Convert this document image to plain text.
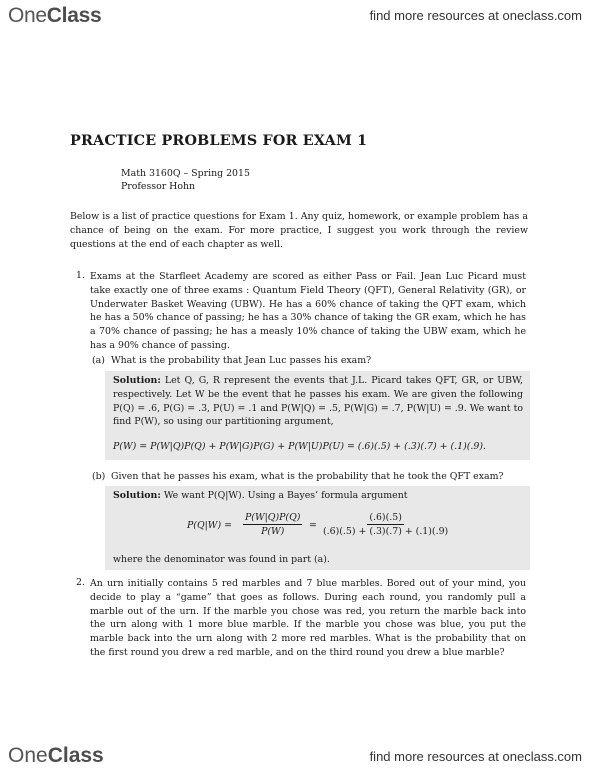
OneClass	find more resources at oneclass.com
PRACTICE PROBLEMS FOR EXAM 1
Math 3160Q – Spring 2015
Professor Hohn

Below is a list of practice questions for Exam 1. Any quiz, homework, or example problem has a chance of being on the exam. For more practice, I suggest you work through the review questions at the end of each chapter as well.

1. Exams at the Starfleet Academy are scored as either Pass or Fail. Jean Luc Picard must take exactly one of three exams : Quantum Field Theory (QFT), General Relativity (GR), or Underwater Basket Weaving (UBW). He has a 60% chance of taking the QFT exam, which he has a 50% chance of passing; he has a 30% chance of taking the GR exam, which he has a 70% chance of passing; he has a measly 10% chance of taking the UBW exam, which he has a 90% chance of passing.

(a) What is the probability that Jean Luc passes his exam?
Solution: Let Q, G, R represent the events that J.L. Picard takes QFT, GR, or UBW, respectively. Let W be the event that he passes his exam. We are given the following P(Q) = .6, P(G) = .3, P(U) = .1 and P(W|Q) = .5, P(W|G) = .7, P(W|U) = .9. We want to find P(W), so using our partitioning argument,
P(W) = P(W|Q)P(Q) + P(W|G)P(G) + P(W|U)P(U) = (.6)(.5) + (.3)(.7) + (.1)(.9).
(b) Given that he passes his exam, what is the probability that he took the QFT exam?
Solution: We want P(Q|W). Using a Bayes’ formula argument
$P(Q|W) = \frac{P(W|Q)P(Q)}{P(W)} = \frac{(.6)(.5)}{(.6)(.5) + (.3)(.7) + (.1)(.9)}$
where the denominator was found in part (a).
2. An urn initially contains 5 red marbles and 7 blue marbles. Bored out of your mind, you decide to play a “game” that goes as follows. During each round, you randomly pull a marble out of the urn. If the marble you chose was red, you return the marble back into the urn along with 1 more blue marble. If the marble you chose was blue, you put the marble back into the urn along with 2 more red marbles. What is the probability that on the first round you drew a red marble, and on the third round you drew a blue marble?

OneClass	find more resources at oneclass.com
